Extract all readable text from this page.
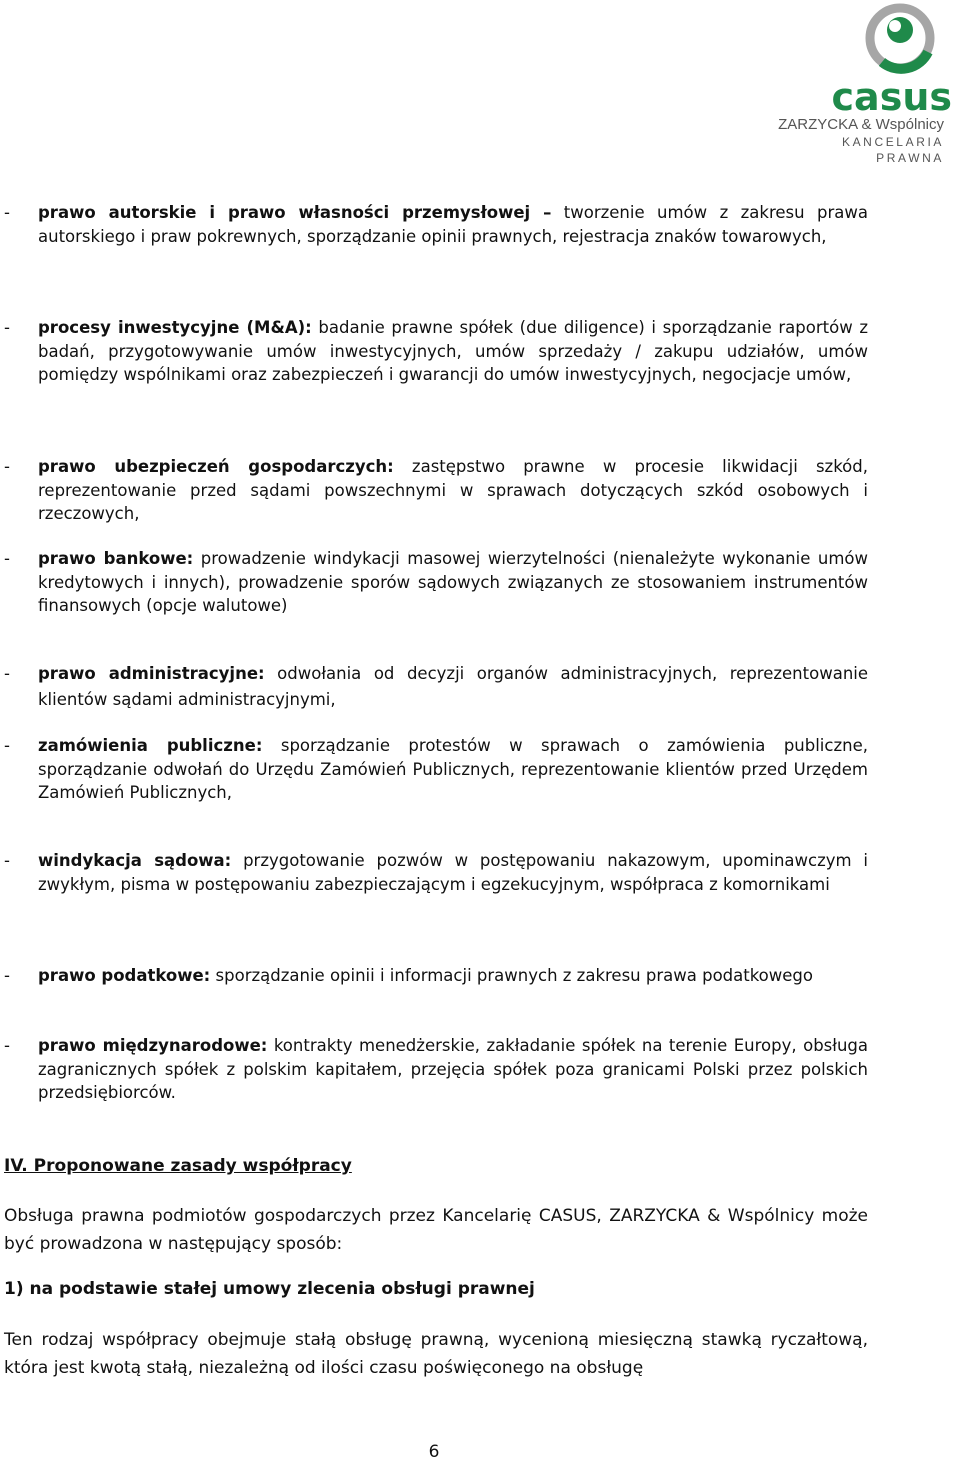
casus
ZARZYCKA & Wspólnicy
KANCELARIA PRAWNA
- prawo autorskie i prawo własności przemysłowej – tworzenie umów z zakresu prawa autorskiego i praw pokrewnych, sporządzanie opinii prawnych, rejestracja znaków towarowych,
- procesy inwestycyjne (M&A): badanie prawne spółek (due diligence) i sporządzanie raportów z badań, przygotowywanie umów inwestycyjnych, umów sprzedaży / zakupu udziałów, umów pomiędzy wspólnikami oraz zabezpieczeń i gwarancji do umów inwestycyjnych, negocjacje umów,
- prawo ubezpieczeń gospodarczych: zastępstwo prawne w procesie likwidacji szkód, reprezentowanie przed sądami powszechnymi w sprawach dotyczących szkód osobowych i rzeczowych,
- prawo bankowe: prowadzenie windykacji masowej wierzytelności (nienależyte wykonanie umów kredytowych i innych), prowadzenie sporów sądowych związanych ze stosowaniem instrumentów finansowych (opcje walutowe)
- prawo administracyjne: odwołania od decyzji organów administracyjnych, reprezentowanie klientów sądami administracyjnymi,
- zamówienia publiczne: sporządzanie protestów w sprawach o zamówienia publiczne, sporządzanie odwołań do Urzędu Zamówień Publicznych, reprezentowanie klientów przed Urzędem Zamówień Publicznych,
- windykacja sądowa: przygotowanie pozwów w postępowaniu nakazowym, upominawczym i zwykłym, pisma w postępowaniu zabezpieczającym i egzekucyjnym, współpraca z komornikami
- prawo podatkowe: sporządzanie opinii i informacji prawnych z zakresu prawa podatkowego
- prawo międzynarodowe: kontrakty menedżerskie, zakładanie spółek na terenie Europy, obsługa zagranicznych spółek z polskim kapitałem, przejęcia spółek poza granicami Polski przez polskich przedsiębiorców.
IV. Proponowane zasady współpracy
Obsługa prawna podmiotów gospodarczych przez Kancelarię CASUS, ZARZYCKA & Wspólnicy może być prowadzona w następujący sposób:
1) na podstawie stałej umowy zlecenia obsługi prawnej
Ten rodzaj współpracy obejmuje stałą obsługę prawną, wycenioną miesięczną stawką ryczałtową, która jest kwotą stałą, niezależną od ilości czasu poświęconego na obsługę
6
